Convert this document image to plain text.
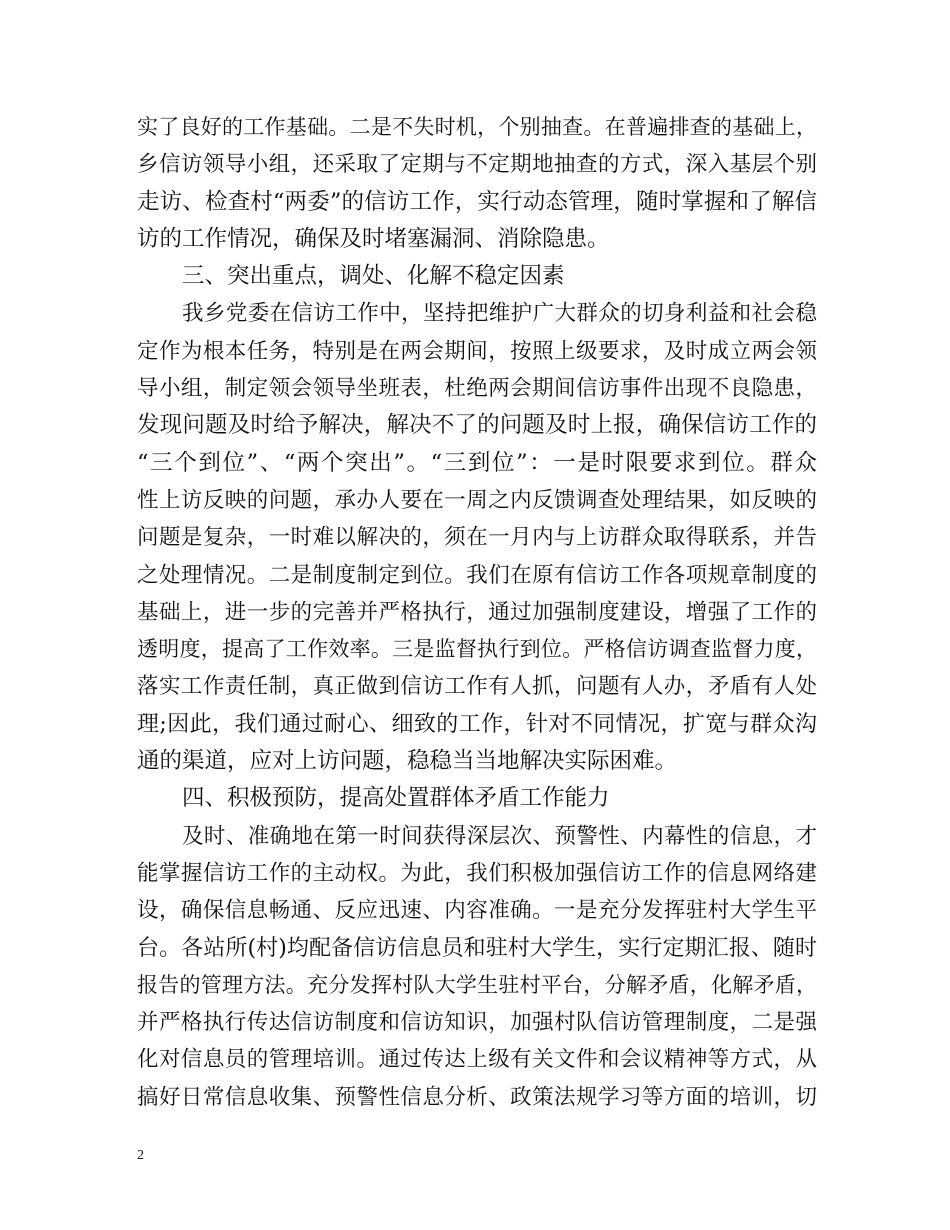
实了良好的工作基础。二是不失时机，个别抽查。在普遍排查的基础上，
乡信访领导小组，还采取了定期与不定期地抽查的方式，深入基层个别
走访、检查村“两委”的信访工作，实行动态管理，随时掌握和了解信
访的工作情况，确保及时堵塞漏洞、消除隐患。
三、突出重点，调处、化解不稳定因素
我乡党委在信访工作中，坚持把维护广大群众的切身利益和社会稳
定作为根本任务，特别是在两会期间，按照上级要求，及时成立两会领
导小组，制定领会领导坐班表，杜绝两会期间信访事件出现不良隐患，
发现问题及时给予解决，解决不了的问题及时上报，确保信访工作的
“三个到位”、“两个突出”。“三到位”：一是时限要求到位。群众
性上访反映的问题，承办人要在一周之内反馈调查处理结果，如反映的
问题是复杂，一时难以解决的，须在一月内与上访群众取得联系，并告
之处理情况。二是制度制定到位。我们在原有信访工作各项规章制度的
基础上，进一步的完善并严格执行，通过加强制度建设，增强了工作的
透明度，提高了工作效率。三是监督执行到位。严格信访调查监督力度，
落实工作责任制，真正做到信访工作有人抓，问题有人办，矛盾有人处
理;因此，我们通过耐心、细致的工作，针对不同情况，扩宽与群众沟
通的渠道，应对上访问题，稳稳当当地解决实际困难。
四、积极预防，提高处置群体矛盾工作能力
及时、准确地在第一时间获得深层次、预警性、内幕性的信息，才
能掌握信访工作的主动权。为此，我们积极加强信访工作的信息网络建
设，确保信息畅通、反应迅速、内容准确。一是充分发挥驻村大学生平
台。各站所(村)均配备信访信息员和驻村大学生，实行定期汇报、随时
报告的管理方法。充分发挥村队大学生驻村平台，分解矛盾，化解矛盾，
并严格执行传达信访制度和信访知识，加强村队信访管理制度，二是强
化对信息员的管理培训。通过传达上级有关文件和会议精神等方式，从
搞好日常信息收集、预警性信息分析、政策法规学习等方面的培训，切
2
